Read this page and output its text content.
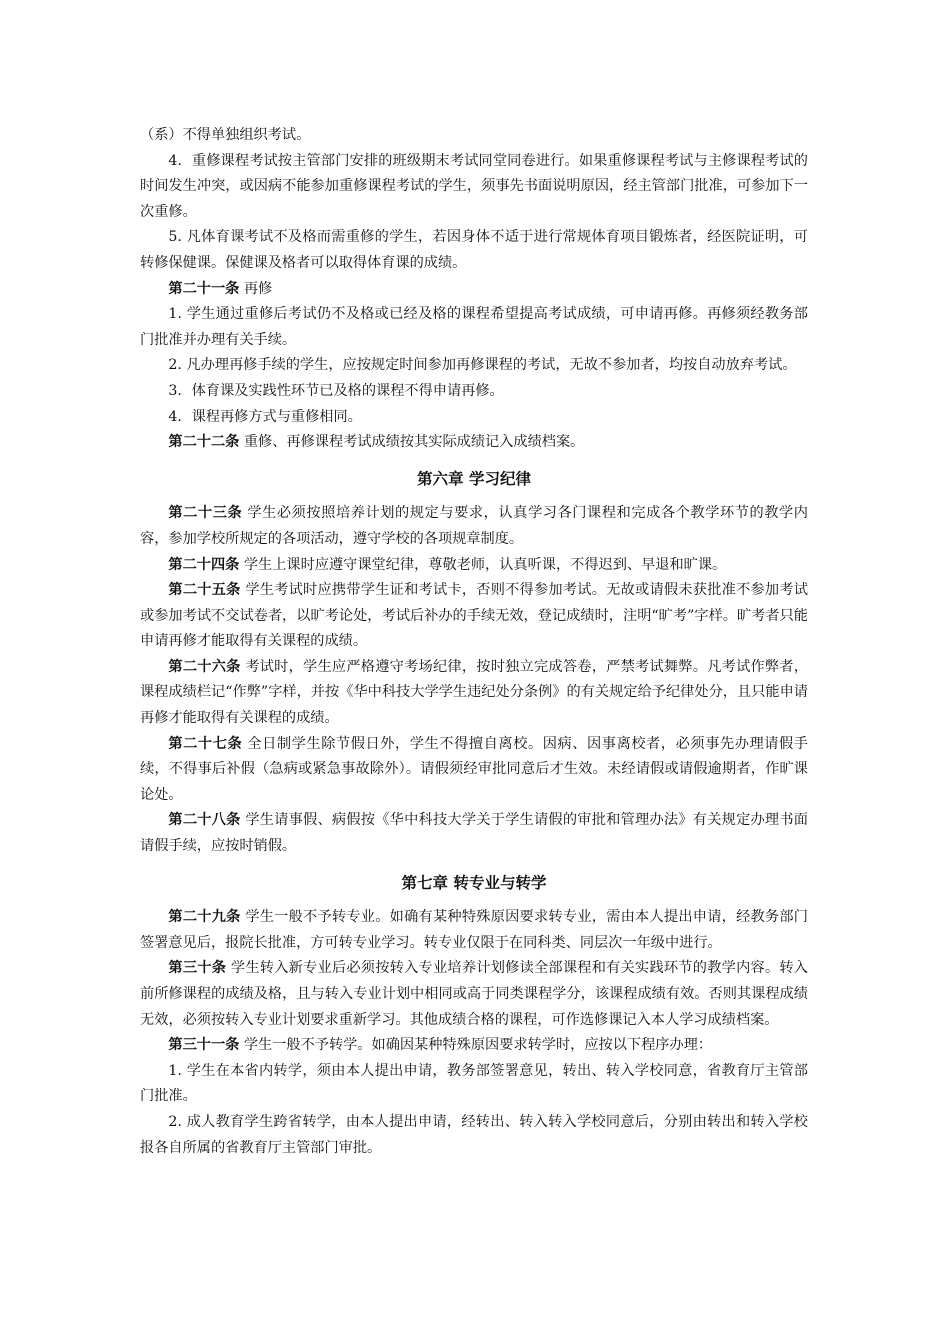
（系）不得单独组织考试。

4．重修课程考试按主管部门安排的班级期末考试同堂同卷进行。如果重修课程考试与主修课程考试的时间发生冲突，或因病不能参加重修课程考试的学生，须事先书面说明原因，经主管部门批准，可参加下一次重修。

5. 凡体育课考试不及格而需重修的学生，若因身体不适于进行常规体育项目锻炼者，经医院证明，可转修保健课。保健课及格者可以取得体育课的成绩。

第二十一条 再修

1. 学生通过重修后考试仍不及格或已经及格的课程希望提高考试成绩，可申请再修。再修须经教务部门批准并办理有关手续。

2. 凡办理再修手续的学生，应按规定时间参加再修课程的考试，无故不参加者，均按自动放弃考试。

3．体育课及实践性环节已及格的课程不得申请再修。

4．课程再修方式与重修相同。

第二十二条 重修、再修课程考试成绩按其实际成绩记入成绩档案。

第六章 学习纪律

第二十三条 学生必须按照培养计划的规定与要求，认真学习各门课程和完成各个教学环节的教学内容，参加学校所规定的各项活动，遵守学校的各项规章制度。

第二十四条 学生上课时应遵守课堂纪律，尊敬老师，认真听课，不得迟到、早退和旷课。

第二十五条 学生考试时应携带学生证和考试卡，否则不得参加考试。无故或请假未获批准不参加考试或参加考试不交试卷者，以旷考论处，考试后补办的手续无效，登记成绩时，注明“旷考”字样。旷考者只能申请再修才能取得有关课程的成绩。

第二十六条 考试时，学生应严格遵守考场纪律，按时独立完成答卷，严禁考试舞弊。凡考试作弊者，课程成绩栏记“作弊”字样，并按《华中科技大学学生违纪处分条例》的有关规定给予纪律处分，且只能申请再修才能取得有关课程的成绩。

第二十七条 全日制学生除节假日外，学生不得擅自离校。因病、因事离校者，必须事先办理请假手续，不得事后补假（急病或紧急事故除外）。请假须经审批同意后才生效。未经请假或请假逾期者，作旷课论处。

第二十八条 学生请事假、病假按《华中科技大学关于学生请假的审批和管理办法》有关规定办理书面请假手续，应按时销假。

第七章 转专业与转学

第二十九条 学生一般不予转专业。如确有某种特殊原因要求转专业，需由本人提出申请，经教务部门签署意见后，报院长批准，方可转专业学习。转专业仅限于在同科类、同层次一年级中进行。

第三十条 学生转入新专业后必须按转入专业培养计划修读全部课程和有关实践环节的教学内容。转入前所修课程的成绩及格，且与转入专业计划中相同或高于同类课程学分，该课程成绩有效。否则其课程成绩无效，必须按转入专业计划要求重新学习。其他成绩合格的课程，可作选修课记入本人学习成绩档案。

第三十一条 学生一般不予转学。如确因某种特殊原因要求转学时，应按以下程序办理：

1. 学生在本省内转学，须由本人提出申请，教务部签署意见，转出、转入学校同意，省教育厅主管部门批准。

2. 成人教育学生跨省转学，由本人提出申请，经转出、转入转入学校同意后，分别由转出和转入学校报各自所属的省教育厅主管部门审批。
